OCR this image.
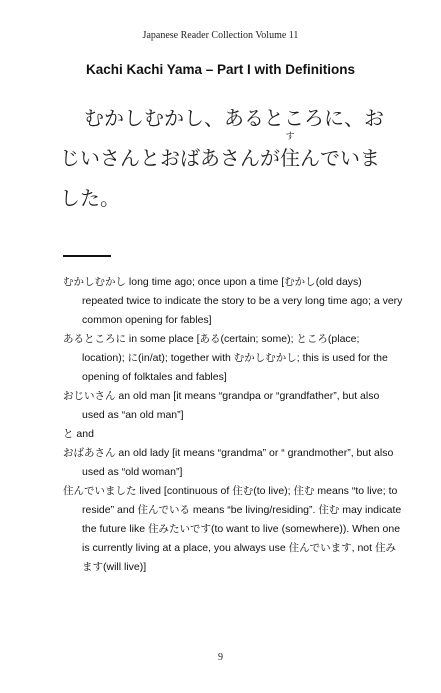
Japanese Reader Collection Volume 11
Kachi Kachi Yama – Part I with Definitions

むかしむかし、あるところに、お
じいさんとおばあさんが
す
住んでいま
した。

むかしむかし long time ago; once upon a time [むかし(old days) repeated twice to indicate the story to be a very long time ago; a very common opening for fables]

あるところに in some place [ある(certain; some); ところ(place; location); に(in/at); together with むかしむかし; this is used for the opening of folktales and fables]

おじいさん an old man [it means “grandpa or “grandfather”, but also used as “an old man”]

と and

おばあさん an old lady [it means “grandma” or “ grandmother”, but also used as “old woman”]

住んでいました lived [continuous of 住む(to live); 住む means “to live; to reside” and 住んでいる means “be living/residing”. 住む may indicate the future like 住みたいです(to want to live (somewhere)). When one is currently living at a place, you always use 住んでいます, not 住みます(will live)]

9
